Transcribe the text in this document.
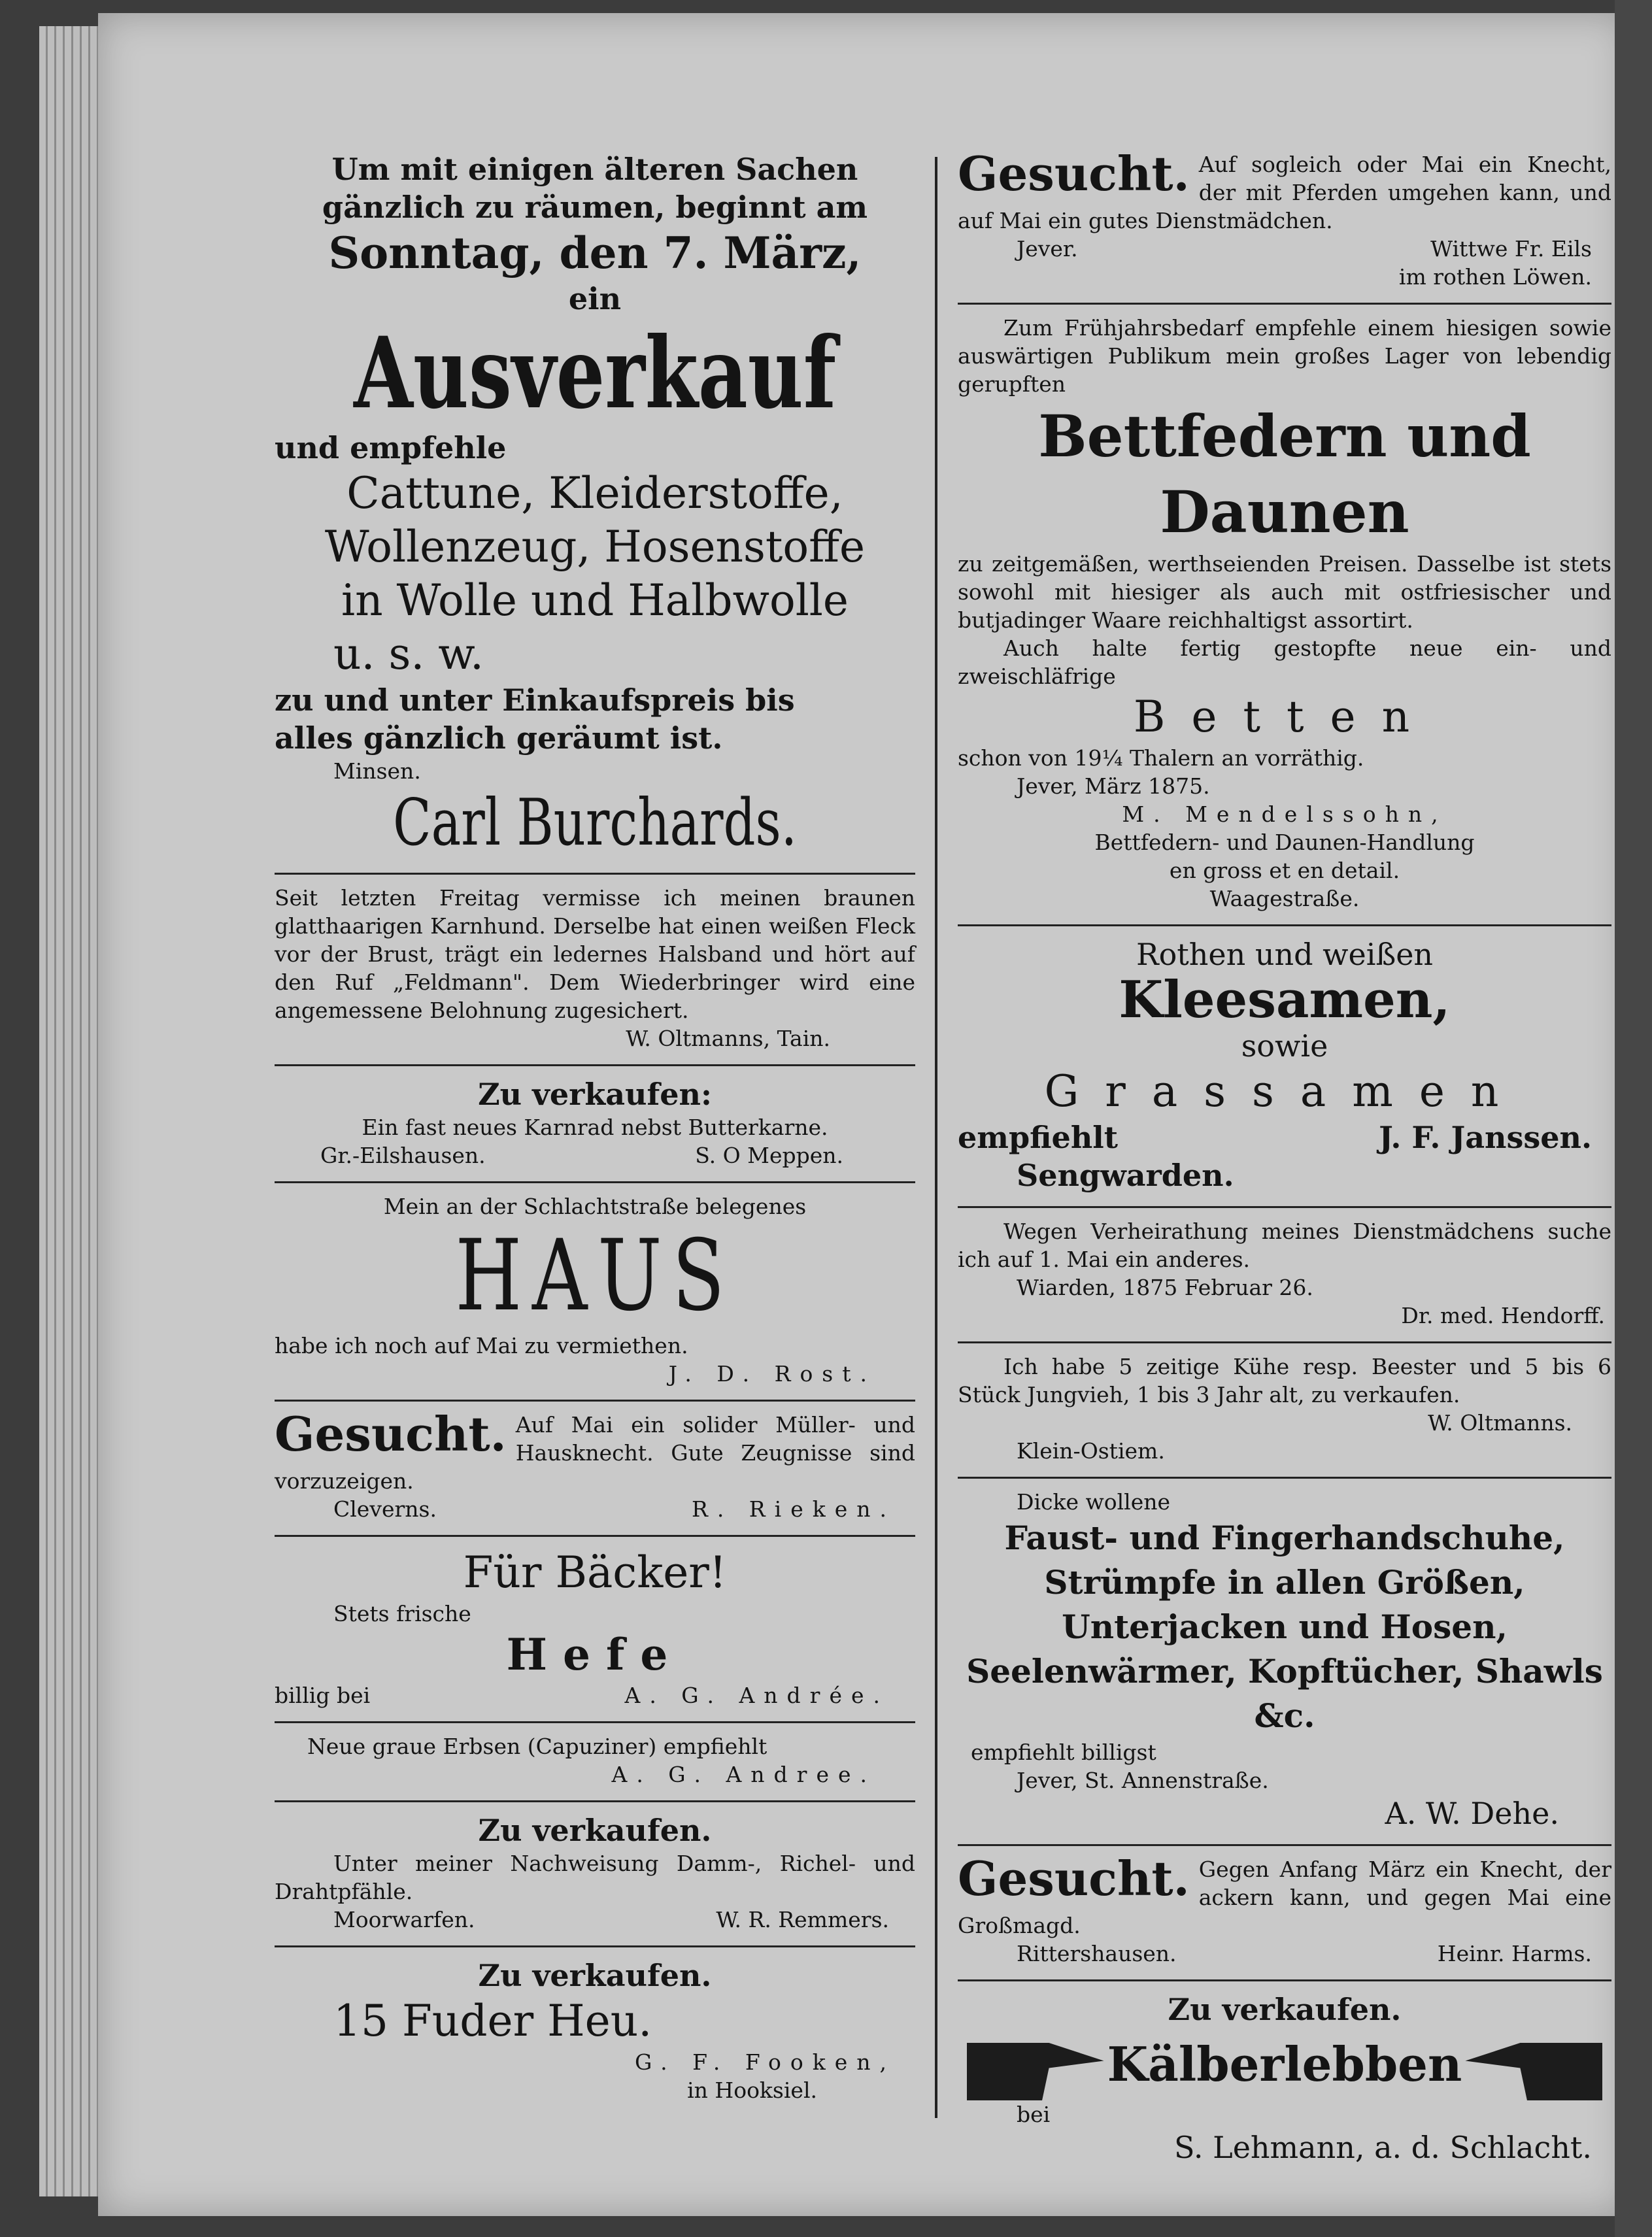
Um mit einigen älteren Sachen
gänzlich zu räumen, beginnt am
Sonntag, den 7. März,
ein
Ausverkauf
und empfehle
Cattune, Kleiderstoffe,
Wollenzeug, Hosenstoffe
in Wolle und Halbwolle
u. s. w.
zu und unter Einkaufspreis bis
alles gänzlich geräumt ist.
Minsen.
Carl Burchards.
Seit letzten Freitag vermisse ich meinen braunen glatthaarigen Karnhund. Derselbe hat einen weißen Fleck vor der Brust, trägt ein ledernes Halsband und hört auf den Ruf „Feldmann". Dem Wiederbringer wird eine angemessene Belohnung zugesichert.
W. Oltmanns, Tain.
Zu verkaufen:
Ein fast neues Karnrad nebst Butterkarne.
Gr.-Eilshausen.	S. O Meppen.
Mein an der Schlachtstraße belegenes
HAUS
habe ich noch auf Mai zu vermiethen.
J. D. Rost.
Gesucht. Auf Mai ein solider Müller- und Hausknecht. Gute Zeugnisse sind vorzuzeigen.
Cleverns.	R. Rieken.
Für Bäcker!
Stets frische
Hefe
billig bei	A. G. Andrée.
Neue graue Erbsen (Capuziner) empfiehlt
A. G. Andree.
Zu verkaufen.
Unter meiner Nachweisung Damm-, Richel- und Drahtpfähle.
Moorwarfen.	W. R. Remmers.
Zu verkaufen.
15 Fuder Heu.
G. F. Fooken,
in Hooksiel.
Gesucht. Auf sogleich oder Mai ein Knecht, der mit Pferden umgehen kann, und auf Mai ein gutes Dienstmädchen.
Jever.	Wittwe Fr. Eils
im rothen Löwen.
Zum Frühjahrsbedarf empfehle einem hiesigen sowie auswärtigen Publikum mein großes Lager von lebendig gerupften
Bettfedern und
Daunen
zu zeitgemäßen, werthseienden Preisen. Dasselbe ist stets sowohl mit hiesiger als auch mit ostfriesischer und butjadinger Waare reichhaltigst assortirt.
Auch halte fertig gestopfte neue ein- und zweischläfrige
Betten
schon von 19¼ Thalern an vorräthig.
Jever, März 1875.
M. Mendelssohn,
Bettfedern- und Daunen-Handlung
en gross et en detail.
Waagestraße.
Rothen und weißen
Kleesamen,
sowie
Grassamen
empfiehlt	J. F. Janssen.
Sengwarden.
Wegen Verheirathung meines Dienstmädchens suche ich auf 1. Mai ein anderes.
Wiarden, 1875 Februar 26.
Dr. med. Hendorff.
Ich habe 5 zeitige Kühe resp. Beester und 5 bis 6 Stück Jungvieh, 1 bis 3 Jahr alt, zu verkaufen.
W. Oltmanns.
Klein-Ostiem.
Dicke wollene
Faust- und Fingerhandschuhe, Strümpfe in allen Größen, Unterjacken und Hosen, Seelenwärmer, Kopftücher, Shawls &c.
empfiehlt billigst
Jever, St. Annenstraße.
A. W. Dehe.
Gesucht. Gegen Anfang März ein Knecht, der ackern kann, und gegen Mai eine Großmagd.
Rittershausen.	Heinr. Harms.
Zu verkaufen.
Kälberlebben
bei
S. Lehmann, a. d. Schlacht.
